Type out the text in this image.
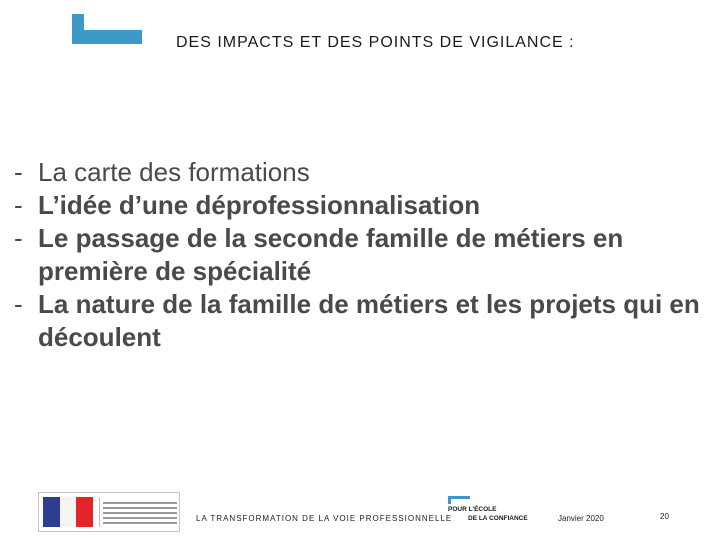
DES IMPACTS ET DES POINTS DE VIGILANCE :
- La carte des formations
- L’idée d’une déprofessionnalisation
- Le passage de la seconde famille de métiers en première de spécialité
- La nature de la famille de métiers et les projets qui en découlent
LA TRANSFORMATION DE LA VOIE PROFESSIONNELLE
POUR L'ÉCOLE
DE LA CONFIANCE	Janvier 2020	20
